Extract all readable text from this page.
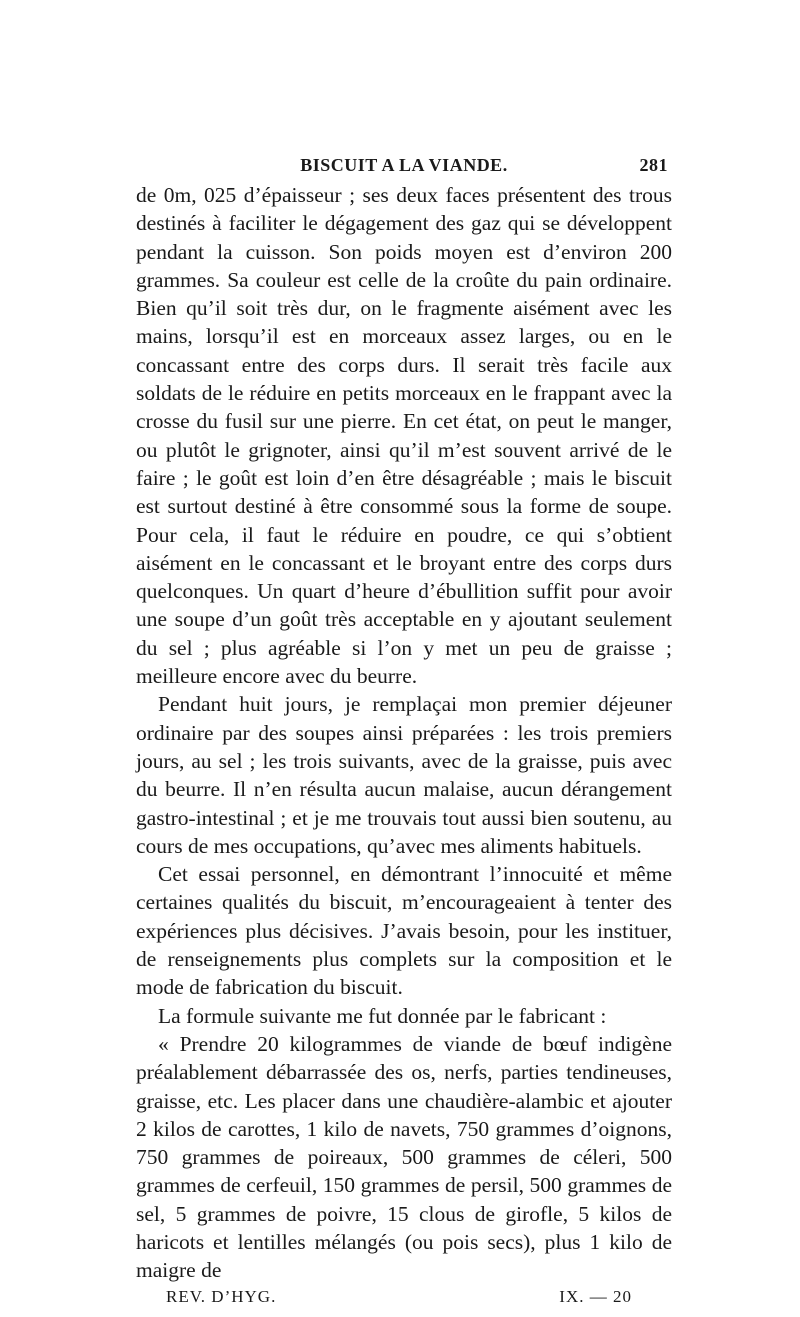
BISCUIT A LA VIANDE.	281

de 0m, 025 d’épaisseur ; ses deux faces présentent des trous destinés à faciliter le dégagement des gaz qui se développent pendant la cuisson. Son poids moyen est d’environ 200 grammes. Sa couleur est celle de la croûte du pain ordinaire. Bien qu’il soit très dur, on le fragmente aisément avec les mains, lorsqu’il est en morceaux assez larges, ou en le concassant entre des corps durs. Il serait très facile aux soldats de le réduire en petits morceaux en le frappant avec la crosse du fusil sur une pierre. En cet état, on peut le manger, ou plutôt le grignoter, ainsi qu’il m’est souvent arrivé de le faire ; le goût est loin d’en être désagréable ; mais le biscuit est surtout destiné à être consommé sous la forme de soupe. Pour cela, il faut le réduire en poudre, ce qui s’obtient aisément en le concassant et le broyant entre des corps durs quelconques. Un quart d’heure d’ébullition suffit pour avoir une soupe d’un goût très acceptable en y ajoutant seulement du sel ; plus agréable si l’on y met un peu de graisse ; meilleure encore avec du beurre.

Pendant huit jours, je remplaçai mon premier déjeuner ordinaire par des soupes ainsi préparées : les trois premiers jours, au sel ; les trois suivants, avec de la graisse, puis avec du beurre. Il n’en résulta aucun malaise, aucun dérangement gastro-intestinal ; et je me trouvais tout aussi bien soutenu, au cours de mes occupations, qu’avec mes aliments habituels.

Cet essai personnel, en démontrant l’innocuité et même certaines qualités du biscuit, m’encourageaient à tenter des expériences plus décisives. J’avais besoin, pour les instituer, de renseignements plus complets sur la composition et le mode de fabrication du biscuit.

La formule suivante me fut donnée par le fabricant :

« Prendre 20 kilogrammes de viande de bœuf indigène préalablement débarrassée des os, nerfs, parties tendineuses, graisse, etc. Les placer dans une chaudière-alambic et ajouter 2 kilos de carottes, 1 kilo de navets, 750 grammes d’oignons, 750 grammes de poireaux, 500 grammes de céleri, 500 grammes de cerfeuil, 150 grammes de persil, 500 grammes de sel, 5 grammes de poivre, 15 clous de girofle, 5 kilos de haricots et lentilles mélangés (ou pois secs), plus 1 kilo de maigre de

REV. D’HYG.	IX. — 20
